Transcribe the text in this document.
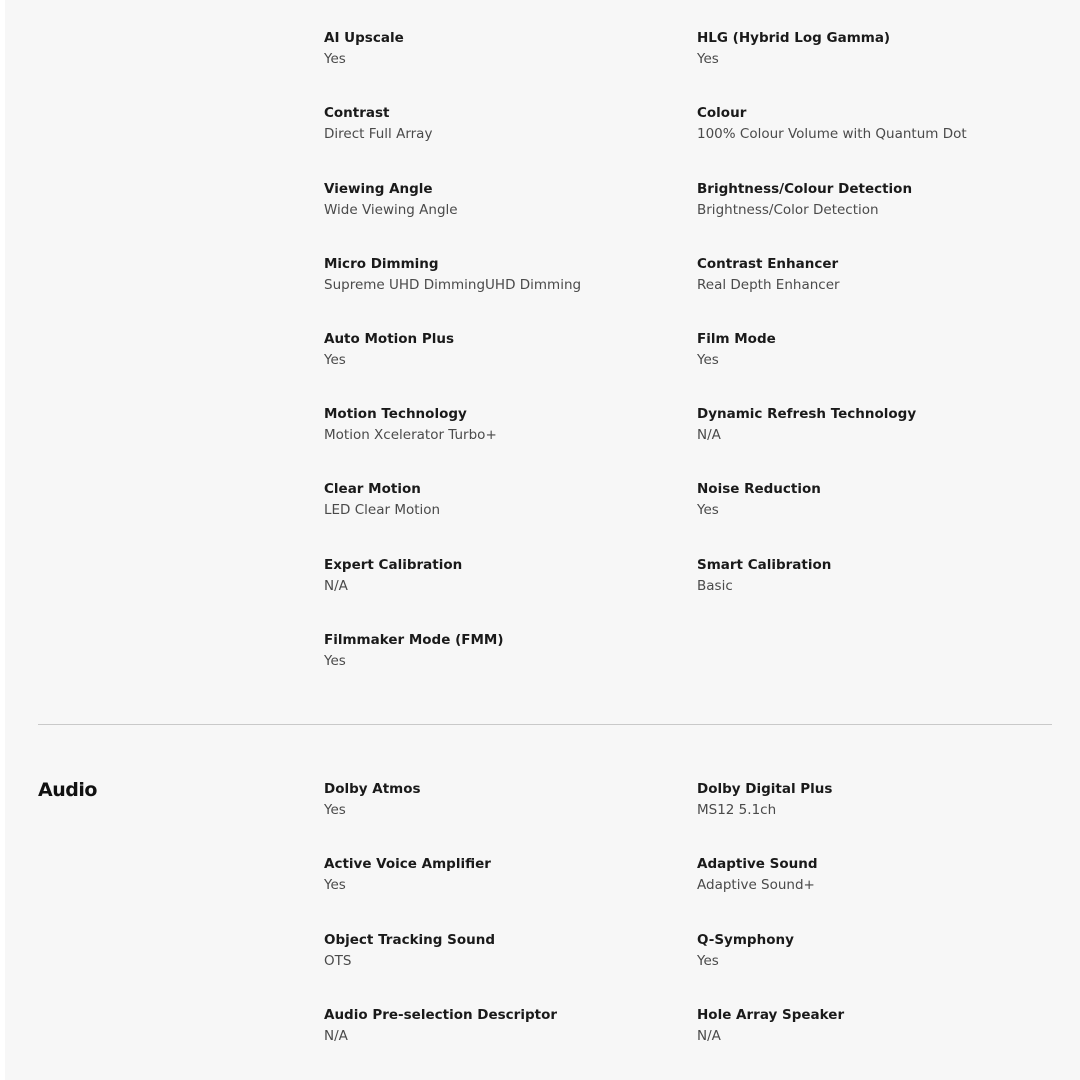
AI Upscale
Yes
HLG (Hybrid Log Gamma)
Yes
Contrast
Direct Full Array
Colour
100% Colour Volume with Quantum Dot
Viewing Angle
Wide Viewing Angle
Brightness/Colour Detection
Brightness/Color Detection
Micro Dimming
Supreme UHD DimmingUHD Dimming
Contrast Enhancer
Real Depth Enhancer
Auto Motion Plus
Yes
Film Mode
Yes
Motion Technology
Motion Xcelerator Turbo+
Dynamic Refresh Technology
N/A
Clear Motion
LED Clear Motion
Noise Reduction
Yes
Expert Calibration
N/A
Smart Calibration
Basic
Filmmaker Mode (FMM)
Yes
Audio	Dolby Atmos
Yes
Dolby Digital Plus
MS12 5.1ch
Active Voice Amplifier
Yes
Adaptive Sound
Adaptive Sound+
Object Tracking Sound
OTS
Q-Symphony
Yes
Audio Pre-selection Descriptor
N/A
Hole Array Speaker
N/A
